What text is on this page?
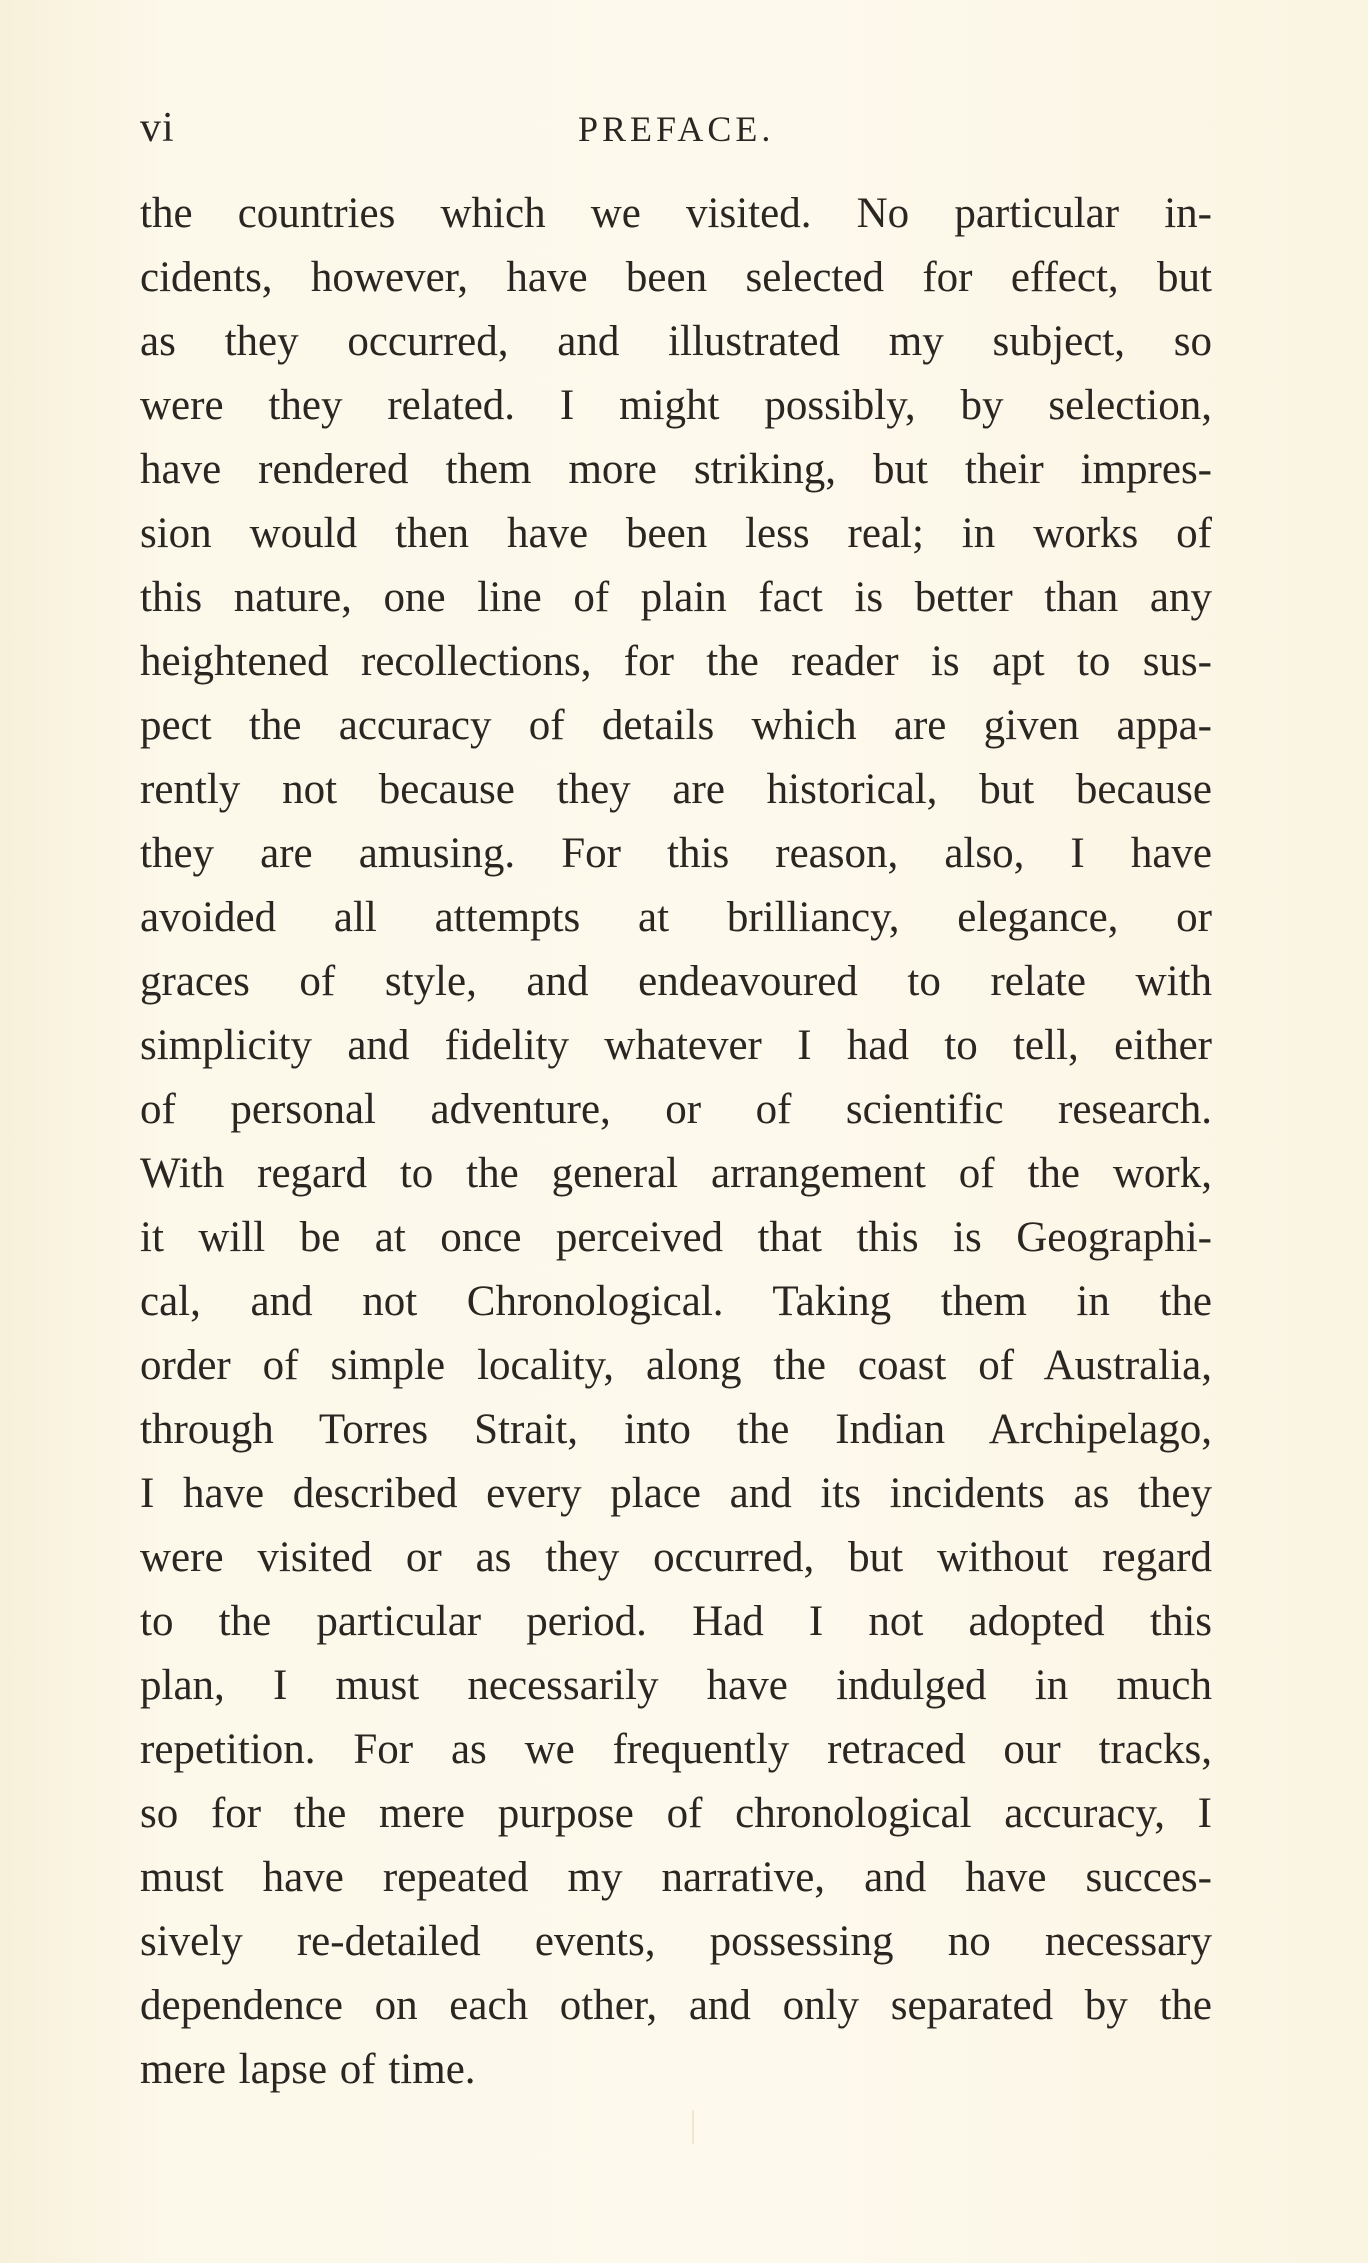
vi	PREFACE.
the countries which we visited. No particular in-
cidents, however, have been selected for effect, but
as they occurred, and illustrated my subject, so
were they related. I might possibly, by selection,
have rendered them more striking, but their impres-
sion would then have been less real; in works of
this nature, one line of plain fact is better than any
heightened recollections, for the reader is apt to sus-
pect the accuracy of details which are given appa-
rently not because they are historical, but because
they are amusing. For this reason, also, I have
avoided all attempts at brilliancy, elegance, or
graces of style, and endeavoured to relate with
simplicity and fidelity whatever I had to tell, either
of personal adventure, or of scientific research.
With regard to the general arrangement of the work,
it will be at once perceived that this is Geographi-
cal, and not Chronological. Taking them in the
order of simple locality, along the coast of Australia,
through Torres Strait, into the Indian Archipelago,
I have described every place and its incidents as they
were visited or as they occurred, but without regard
to the particular period. Had I not adopted this
plan, I must necessarily have indulged in much
repetition. For as we frequently retraced our tracks,
so for the mere purpose of chronological accuracy, I
must have repeated my narrative, and have succes-
sively re-detailed events, possessing no necessary
dependence on each other, and only separated by the
mere lapse of time.
